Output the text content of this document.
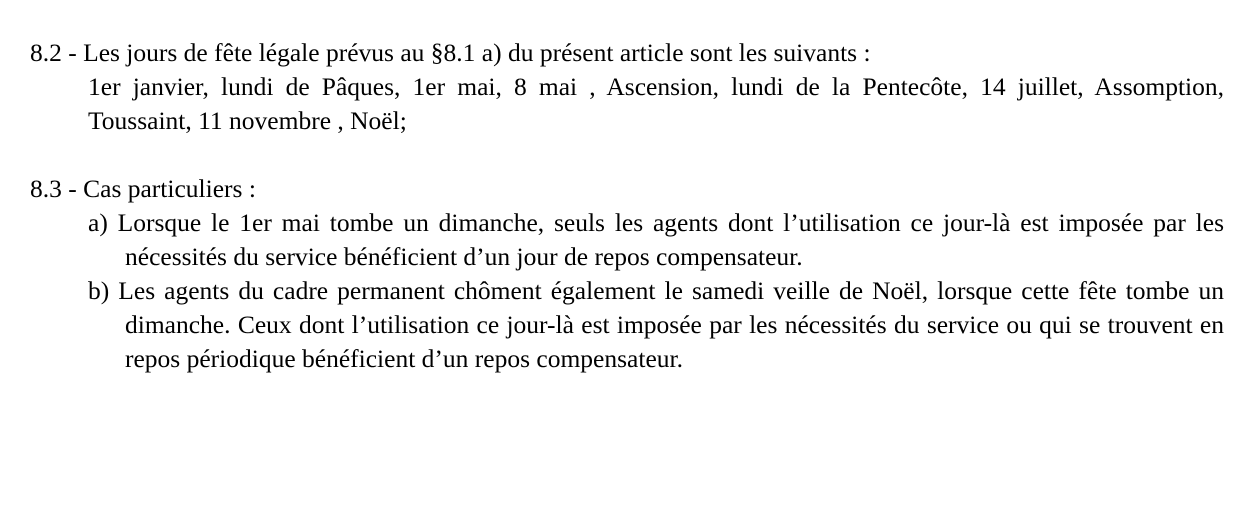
8.2 - Les jours de fête légale prévus au §8.1 a) du présent article sont les suivants :

1er janvier, lundi de Pâques, 1er mai, 8 mai , Ascension, lundi de la Pentecôte, 14 juillet, Assomption, Toussaint, 11 novembre , Noël;

8.3 - Cas particuliers :

a) Lorsque le 1er mai tombe un dimanche, seuls les agents dont l’utilisation ce jour-là est imposée par les nécessités du service bénéficient d’un jour de repos compensateur.

b) Les agents du cadre permanent chôment également le samedi veille de Noël, lorsque cette fête tombe un dimanche. Ceux dont l’utilisation ce jour-là est imposée par les nécessités du service ou qui se trouvent en repos périodique bénéficient d’un repos compensateur.
